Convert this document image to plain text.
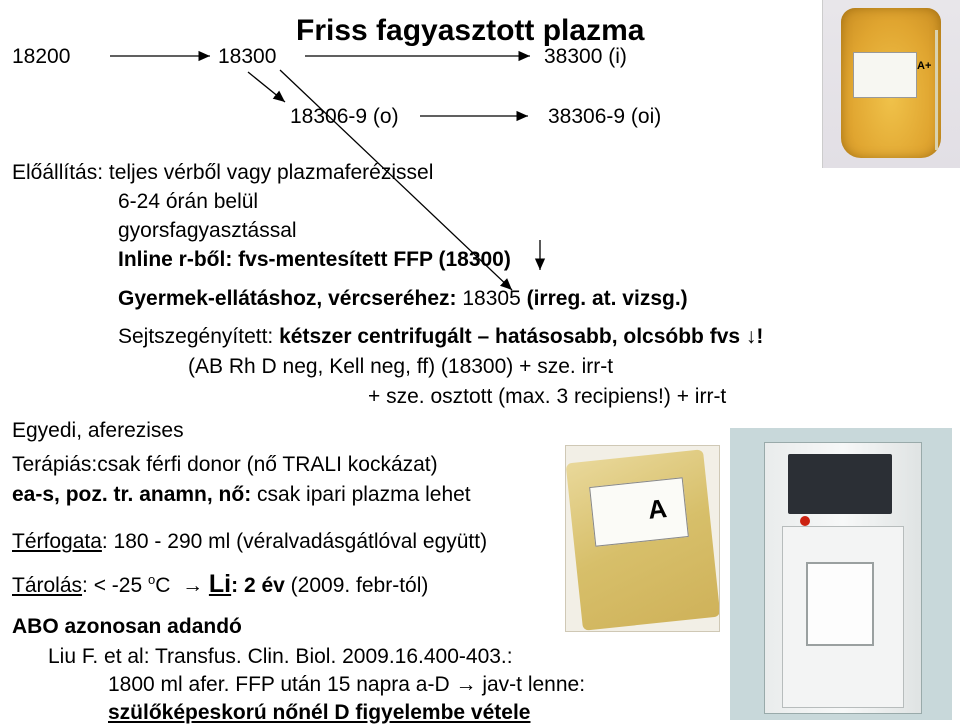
Friss fagyasztott plazma
18200	18300	38300 (i)
18306-9 (o)	38306-9 (oi)
Előállítás: teljes vérből vagy plazmaferézissel
6-24 órán belül
gyorsfagyasztással
Inline r-ből: fvs-mentesített FFP (18300)
Gyermek-ellátáshoz, vércseréhez: 18305 (irreg. at. vizsg.)
Sejtszegényített: kétszer centrifugált – hatásosabb, olcsóbb fvs ↓!
(AB Rh D neg, Kell neg, ff) (18300) + sze. irr-t
+ sze. osztott (max. 3 recipiens!) + irr-t
Egyedi, aferezises
Terápiás:csak férfi donor (nő TRALI kockázat)
ea-s, poz. tr. anamn, nő: csak ipari plazma lehet
Térfogata: 180 - 290 ml (véralvadásgátlóval együtt)
Tárolás: < -25 $^o$C  → Li: 2 év (2009. febr-tól)
ABO azonosan adandó
Liu F. et al: Transfus. Clin. Biol. 2009.16.400-403.:
1800 ml afer. FFP után 15 napra a-D → jav-t lenne:
szülőképeskorú nőnél D figyelembe vétele
A+
A
